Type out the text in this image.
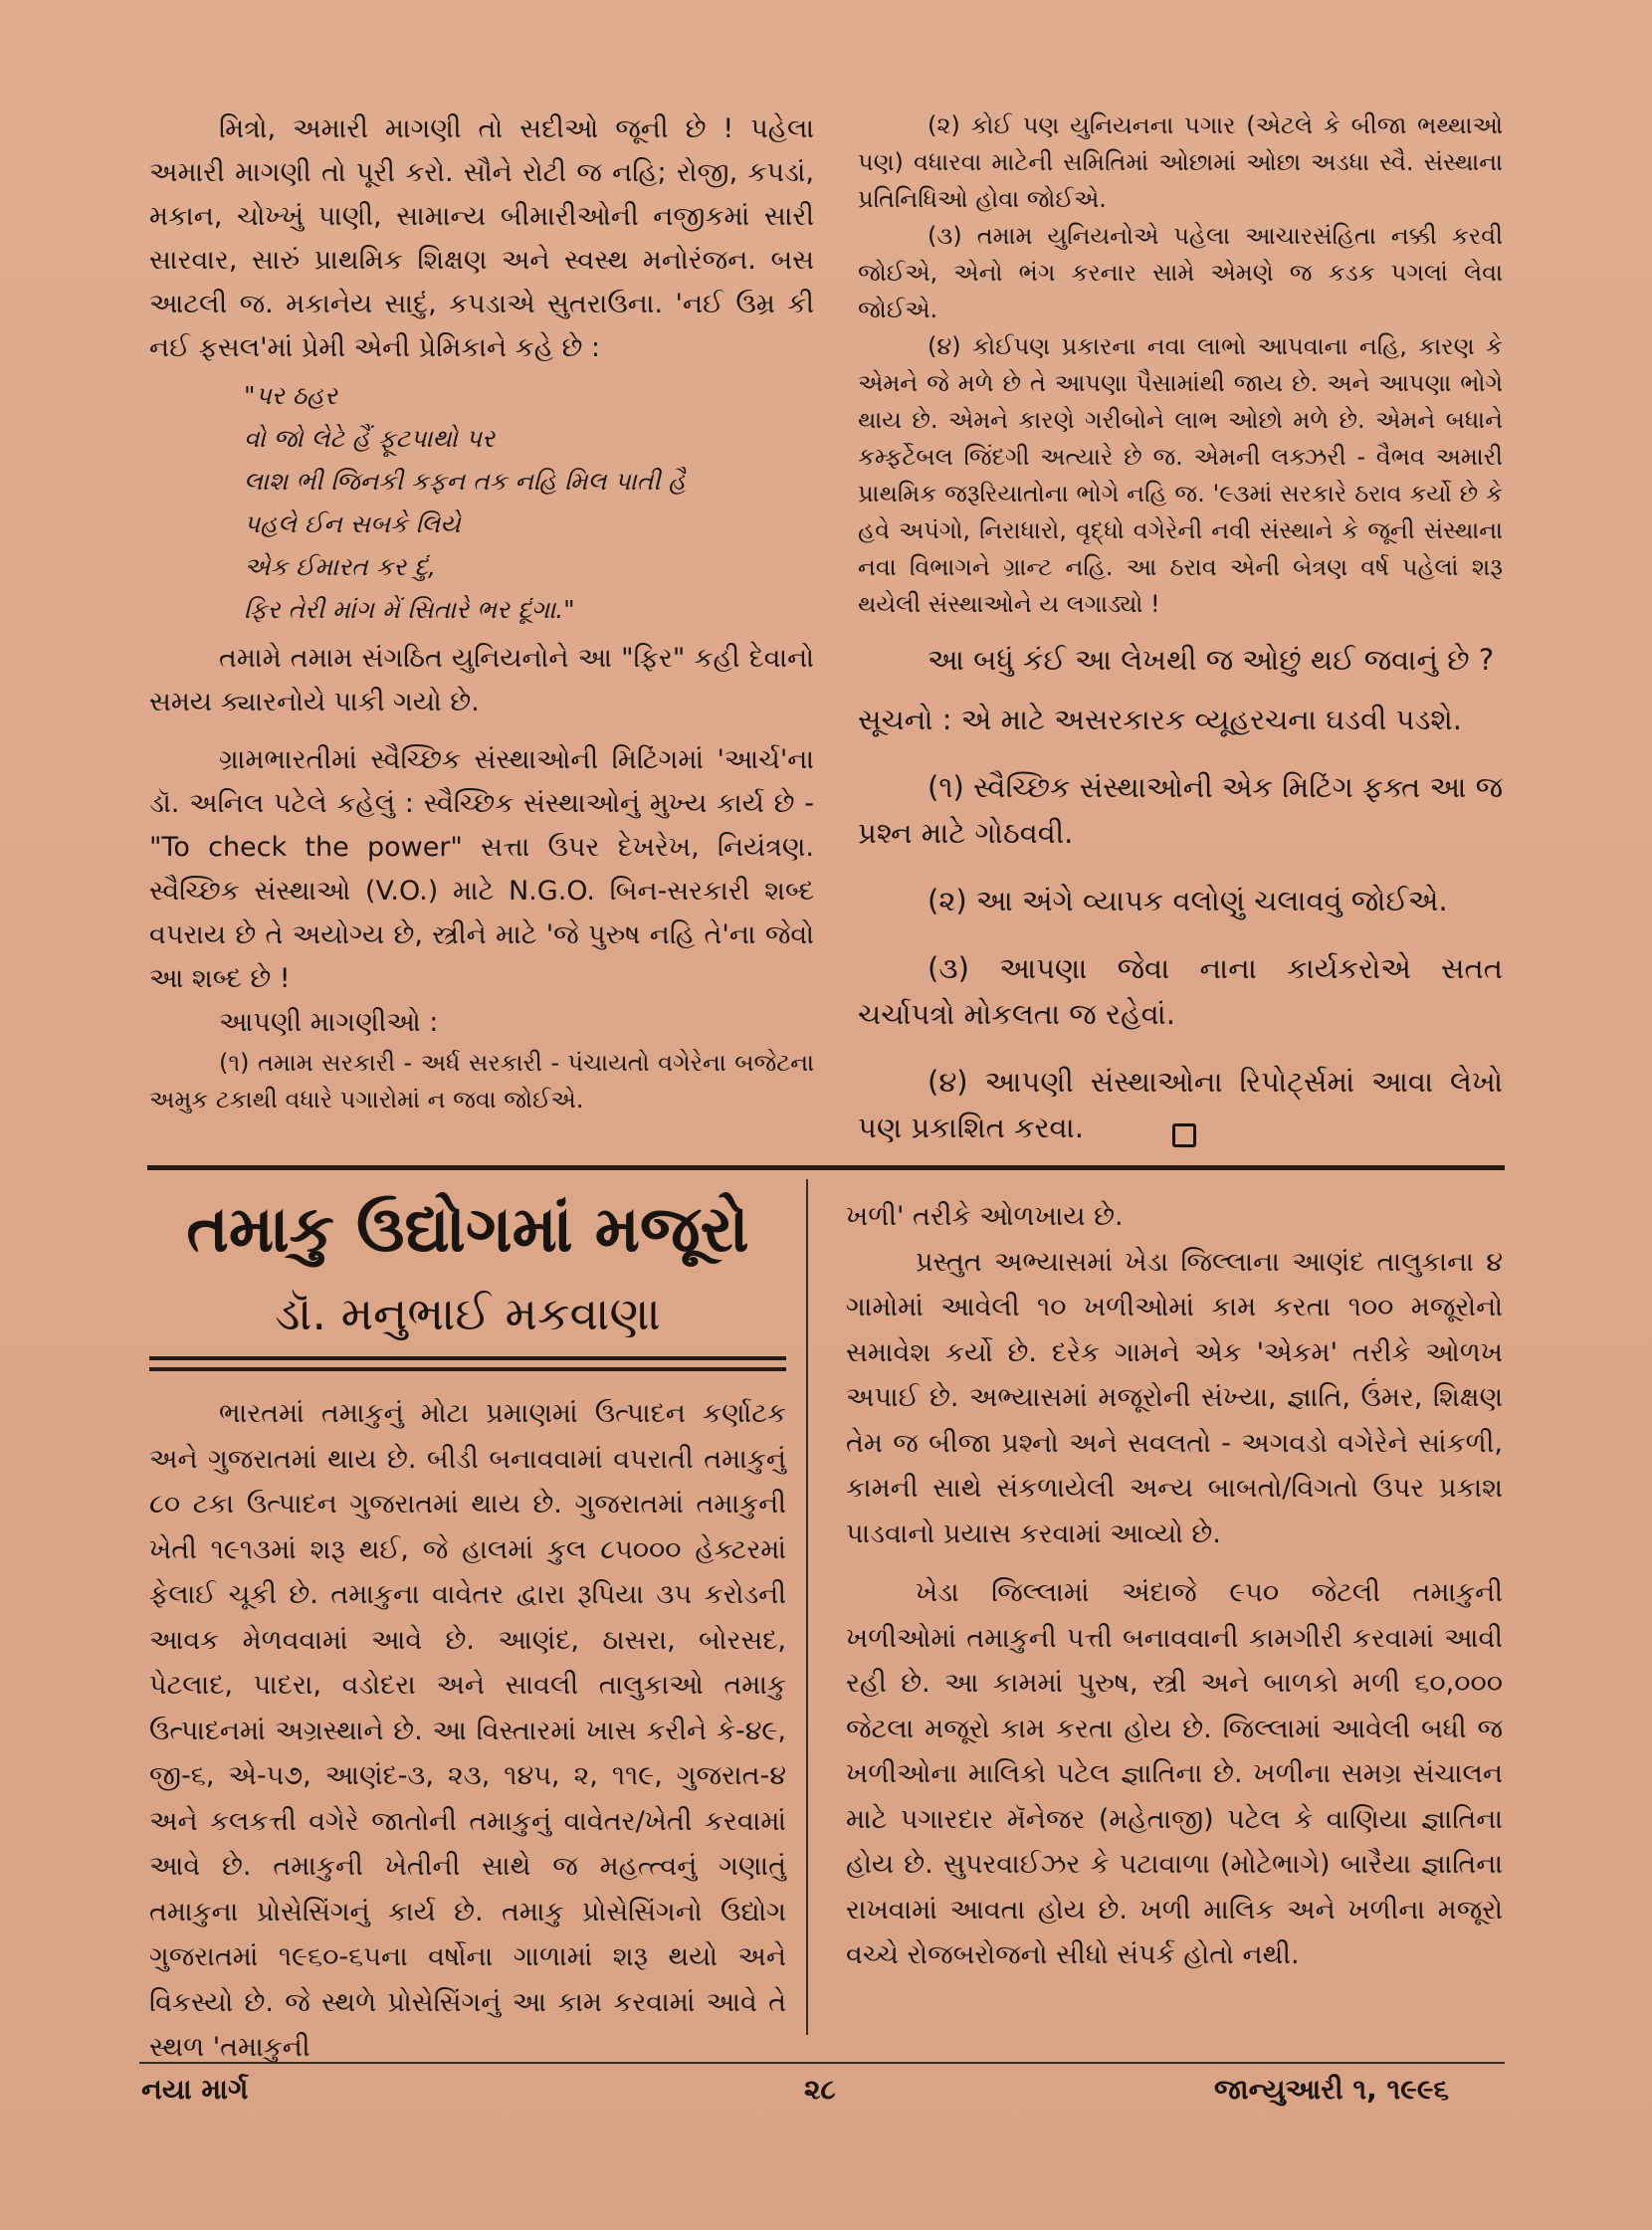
મિત્રો, અમારી માગણી તો સદીઓ જૂની છે ! પહેલા અમારી માગણી તો પૂરી કરો. સૌને રોટી જ નહિ; રોજી, કપડાં, મકાન, ચોખ્ખું પાણી, સામાન્ય બીમારીઓની નજીકમાં સારી સારવાર, સારું પ્રાથમિક શિક્ષણ અને સ્વસ્થ મનોરંજન. બસ આટલી જ. મકાનેય સાદું, કપડાએ સુતરાઉના. 'નઈ ઉમ્ર કી નઈ ફસલ'માં પ્રેમી એની પ્રેમિકાને કહે છે :

"પર ઠહર
વો જો લેટે હૈં ફૂટપાથો પર
લાશ ભી જિનકી કફન તક નહિ મિલ પાતી હૈ
પહલે ઈન સબકે લિયે
એક ઈમારત કર દું,
ફિર તેરી માંગ મેં સિતારે ભર દૂંગા."

તમામે તમામ સંગઠિત યુનિયનોને આ "ફિર" કહી દેવાનો સમય ક્યારનોયે પાકી ગયો છે.

ગ્રામભારતીમાં સ્વૈચ્છિક સંસ્થાઓની મિટિંગમાં 'આર્ચ'ના ડૉ. અનિલ પટેલે કહેલું : સ્વૈચ્છિક સંસ્થાઓનું મુખ્ય કાર્ય છે - "To check the power" સત્તા ઉપર દેખરેખ, નિયંત્રણ. સ્વૈચ્છિક સંસ્થાઓ (V.O.) માટે N.G.O. બિન-સરકારી શબ્દ વપરાય છે તે અયોગ્ય છે, સ્ત્રીને માટે 'જે પુરુષ નહિ તે'ના જેવો આ શબ્દ છે !

આપણી માગણીઓ :

(૧) તમામ સરકારી - અર્ધ સરકારી - પંચાયતો વગેરેના બજેટના અમુક ટકાથી વધારે પગારોમાં ન જવા જોઈએ.

(૨) કોઈ પણ યુનિયનના પગાર (એટલે કે બીજા ભથ્થાઓ પણ) વધારવા માટેની સમિતિમાં ઓછામાં ઓછા અડધા સ્વૈ. સંસ્થાના પ્રતિનિધિઓ હોવા જોઈએ.

(૩) તમામ યુનિયનોએ પહેલા આચારસંહિતા નક્કી કરવી જોઈએ, એનો ભંગ કરનાર સામે એમણે જ કડક પગલાં લેવા જોઈએ.

(૪) કોઈપણ પ્રકારના નવા લાભો આપવાના નહિ, કારણ કે એમને જે મળે છે તે આપણા પૈસામાંથી જાય છે. અને આપણા ભોગે થાય છે. એમને કારણે ગરીબોને લાભ ઓછો મળે છે. એમને બધાને કમ્ફર્ટેબલ જિંદગી અત્યારે છે જ. એમની લક્ઝરી - વૈભવ અમારી પ્રાથમિક જરૂરિયાતોના ભોગે નહિ જ. '૯૩માં સરકારે ઠરાવ કર્યો છે કે હવે અપંગો, નિરાધારો, વૃદ્ધો વગેરેની નવી સંસ્થાને કે જૂની સંસ્થાના નવા વિભાગને ગ્રાન્ટ નહિ. આ ઠરાવ એની બેત્રણ વર્ષ પહેલાં શરૂ થયેલી સંસ્થાઓને ય લગાડ્યો !

આ બધું કંઈ આ લેખથી જ ઓછું થઈ જવાનું છે ?

સૂચનો : એ માટે અસરકારક વ્યૂહરચના ઘડવી પડશે.

(૧) સ્વૈચ્છિક સંસ્થાઓની એક મિટિંગ ફક્ત આ જ પ્રશ્ન માટે ગોઠવવી.

(૨) આ અંગે વ્યાપક વલોણું ચલાવવું જોઈએ.

(૩) આપણા જેવા નાના કાર્યકરોએ સતત ચર્ચાપત્રો મોકલતા જ રહેવાં.

(૪) આપણી સંસ્થાઓના રિપોર્ટ્સમાં આવા લેખો પણ પ્રકાશિત કરવા.

તમાકુ ઉદ્યોગમાં મજૂરો
ડૉ. મનુભાઈ મકવાણા

ભારતમાં તમાકુનું મોટા પ્રમાણમાં ઉત્પાદન કર્ણાટક અને ગુજરાતમાં થાય છે. બીડી બનાવવામાં વપરાતી તમાકુનું ૮૦ ટકા ઉત્પાદન ગુજરાતમાં થાય છે. ગુજરાતમાં તમાકુની ખેતી ૧૯૧૩માં શરૂ થઈ, જે હાલમાં કુલ ૮૫૦૦૦ હેક્ટરમાં ફેલાઈ ચૂકી છે. તમાકુના વાવેતર દ્વારા રૂપિયા ૩૫ કરોડની આવક મેળવવામાં આવે છે. આણંદ, ઠાસરા, બોરસદ, પેટલાદ, પાદરા, વડોદરા અને સાવલી તાલુકાઓ તમાકુ ઉત્પાદનમાં અગ્રસ્થાને છે. આ વિસ્તારમાં ખાસ કરીને કે-૪૯, જી-૬, એ-૫૭, આણંદ-૩, ૨૩, ૧૪૫, ૨, ૧૧૯, ગુજરાત-૪ અને કલકત્તી વગેરે જાતોની તમાકુનું વાવેતર/ખેતી કરવામાં આવે છે. તમાકુની ખેતીની સાથે જ મહત્ત્વનું ગણાતું તમાકુના પ્રોસેસિંગનું કાર્ય છે. તમાકુ પ્રોસેસિંગનો ઉદ્યોગ ગુજરાતમાં ૧૯૬૦-૬૫ના વર્ષોના ગાળામાં શરૂ થયો અને વિકસ્યો છે. જે સ્થળે પ્રોસેસિંગનું આ કામ કરવામાં આવે તે સ્થળ 'તમાકુની

ખળી' તરીકે ઓળખાય છે.

પ્રસ્તુત અભ્યાસમાં ખેડા જિલ્લાના આણંદ તાલુકાના ૪ ગામોમાં આવેલી ૧૦ ખળીઓમાં કામ કરતા ૧૦૦ મજૂરોનો સમાવેશ કર્યો છે. દરેક ગામને એક 'એકમ' તરીકે ઓળખ અપાઈ છે. અભ્યાસમાં મજૂરોની સંખ્યા, જ્ઞાતિ, ઉંમર, શિક્ષણ તેમ જ બીજા પ્રશ્નો અને સવલતો - અગવડો વગેરેને સાંકળી, કામની સાથે સંકળાયેલી અન્ય બાબતો/વિગતો ઉપર પ્રકાશ પાડવાનો પ્રયાસ કરવામાં આવ્યો છે.

ખેડા જિલ્લામાં અંદાજે ૯૫૦ જેટલી તમાકુની ખળીઓમાં તમાકુની પત્તી બનાવવાની કામગીરી કરવામાં આવી રહી છે. આ કામમાં પુરુષ, સ્ત્રી અને બાળકો મળી ૬૦,૦૦૦ જેટલા મજૂરો કામ કરતા હોય છે. જિલ્લામાં આવેલી બધી જ ખળીઓના માલિકો પટેલ જ્ઞાતિના છે. ખળીના સમગ્ર સંચાલન માટે પગારદાર મૅનેજર (મહેતાજી) પટેલ કે વાણિયા જ્ઞાતિના હોય છે. સુપરવાઈઝર કે પટાવાળા (મોટેભાગે) બારૈયા જ્ઞાતિના રાખવામાં આવતા હોય છે. ખળી માલિક અને ખળીના મજૂરો વચ્ચે રોજબરોજનો સીધો સંપર્ક હોતો નથી.

નયા માર્ગ	૨૮	જાન્યુઆરી ૧, ૧૯૯૬
